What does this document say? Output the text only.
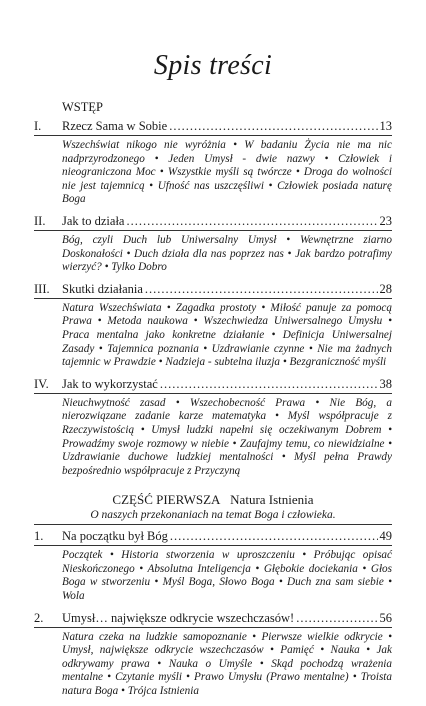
Spis treści
WSTĘP
I.	Rzecz Sama w Sobie .....	13
Wszechświat nikogo nie wyróżnia • W badaniu Życia nie ma nic nadprzyrodzonego • Jeden Umysł - dwie nazwy • Człowiek i nieograniczona Moc • Wszystkie myśli są twórcze • Droga do wolności nie jest tajemnicą • Ufność nas uszczęśliwi • Człowiek posiada naturę Boga
II.	Jak to działa .....	23
Bóg, czyli Duch lub Uniwersalny Umysł • Wewnętrzne ziarno Doskonałości • Duch działa dla nas poprzez nas • Jak bardzo potrafimy wierzyć? • Tylko Dobro
III. Skutki działania .....	28
Natura Wszechświata • Zagadka prostoty • Miłość panuje za pomocą Prawa • Metoda naukowa • Wszechwiedza Uniwersalnego Umysłu • Praca mentalna jako konkretne działanie • Definicja Uniwersalnej Zasady • Tajemnica poznania • Uzdrawianie czynne • Nie ma żadnych tajemnic w Prawdzie • Nadzieja - subtelna iluzja • Bezgraniczność myśli
IV.	Jak to wykorzystać .....	38
Nieuchwytność zasad • Wszechobecność Prawa • Nie Bóg, a nierozwiązane zadanie karze matematyka • Myśl współpracuje z Rzeczywistością • Umysł ludzki napełni się oczekiwanym Dobrem • Prowadźmy swoje rozmowy w niebie • Zaufajmy temu, co niewidzialne • Uzdrawianie duchowe ludzkiej mentalności • Myśl pełna Prawdy bezpośrednio współpracuje z Przyczyną
CZĘŚĆ PIERWSZA Natura Istnienia
O naszych przekonaniach na temat Boga i człowieka.
1.	Na początku był Bóg .....	49
Początek • Historia stworzenia w uproszczeniu • Próbując opisać Nieskończonego • Absolutna Inteligencja • Głębokie dociekania • Głos Boga w stworzeniu • Myśl Boga, Słowo Boga • Duch zna sam siebie • Wola
2.	Umysł… największe odkrycie wszechczasów! .....	56
Natura czeka na ludzkie samopoznanie • Pierwsze wielkie odkrycie • Umysł, największe odkrycie wszechczasów • Pamięć • Nauka • Jak odkrywamy prawa • Nauka o Umyśle • Skąd pochodzą wrażenia mentalne • Czytanie myśli • Prawo Umysłu (Prawo mentalne) • Troista natura Boga • Trójca Istnienia
